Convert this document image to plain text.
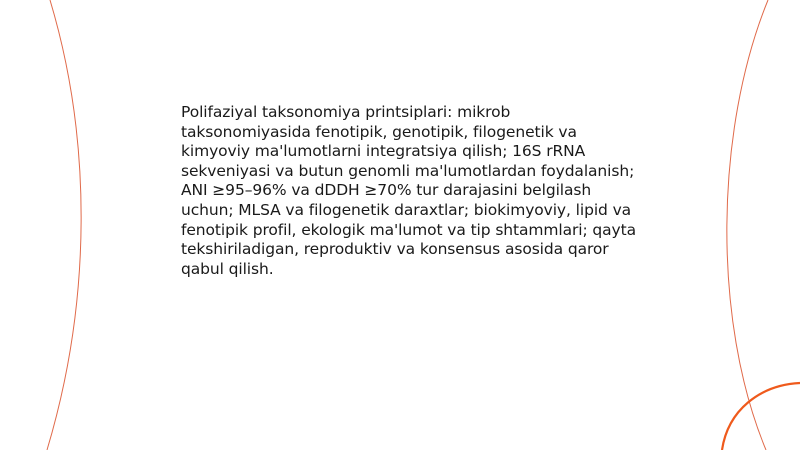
Polifaziyal taksonomiya printsiplari: mikrob taksonomiyasida fenotipik, genotipik, filogenetik va kimyoviy ma'lumotlarni integratsiya qilish; 16S rRNA sekveniyasi va butun genomli ma'lumotlardan foydalanish; ANI ≥95–96% va dDDH ≥70% tur darajasini belgilash uchun; MLSA va filogenetik daraxtlar; biokimyoviy, lipid va fenotipik profil, ekologik ma'lumot va tip shtammlari; qayta tekshiriladigan, reproduktiv va konsensus asosida qaror qabul qilish.
